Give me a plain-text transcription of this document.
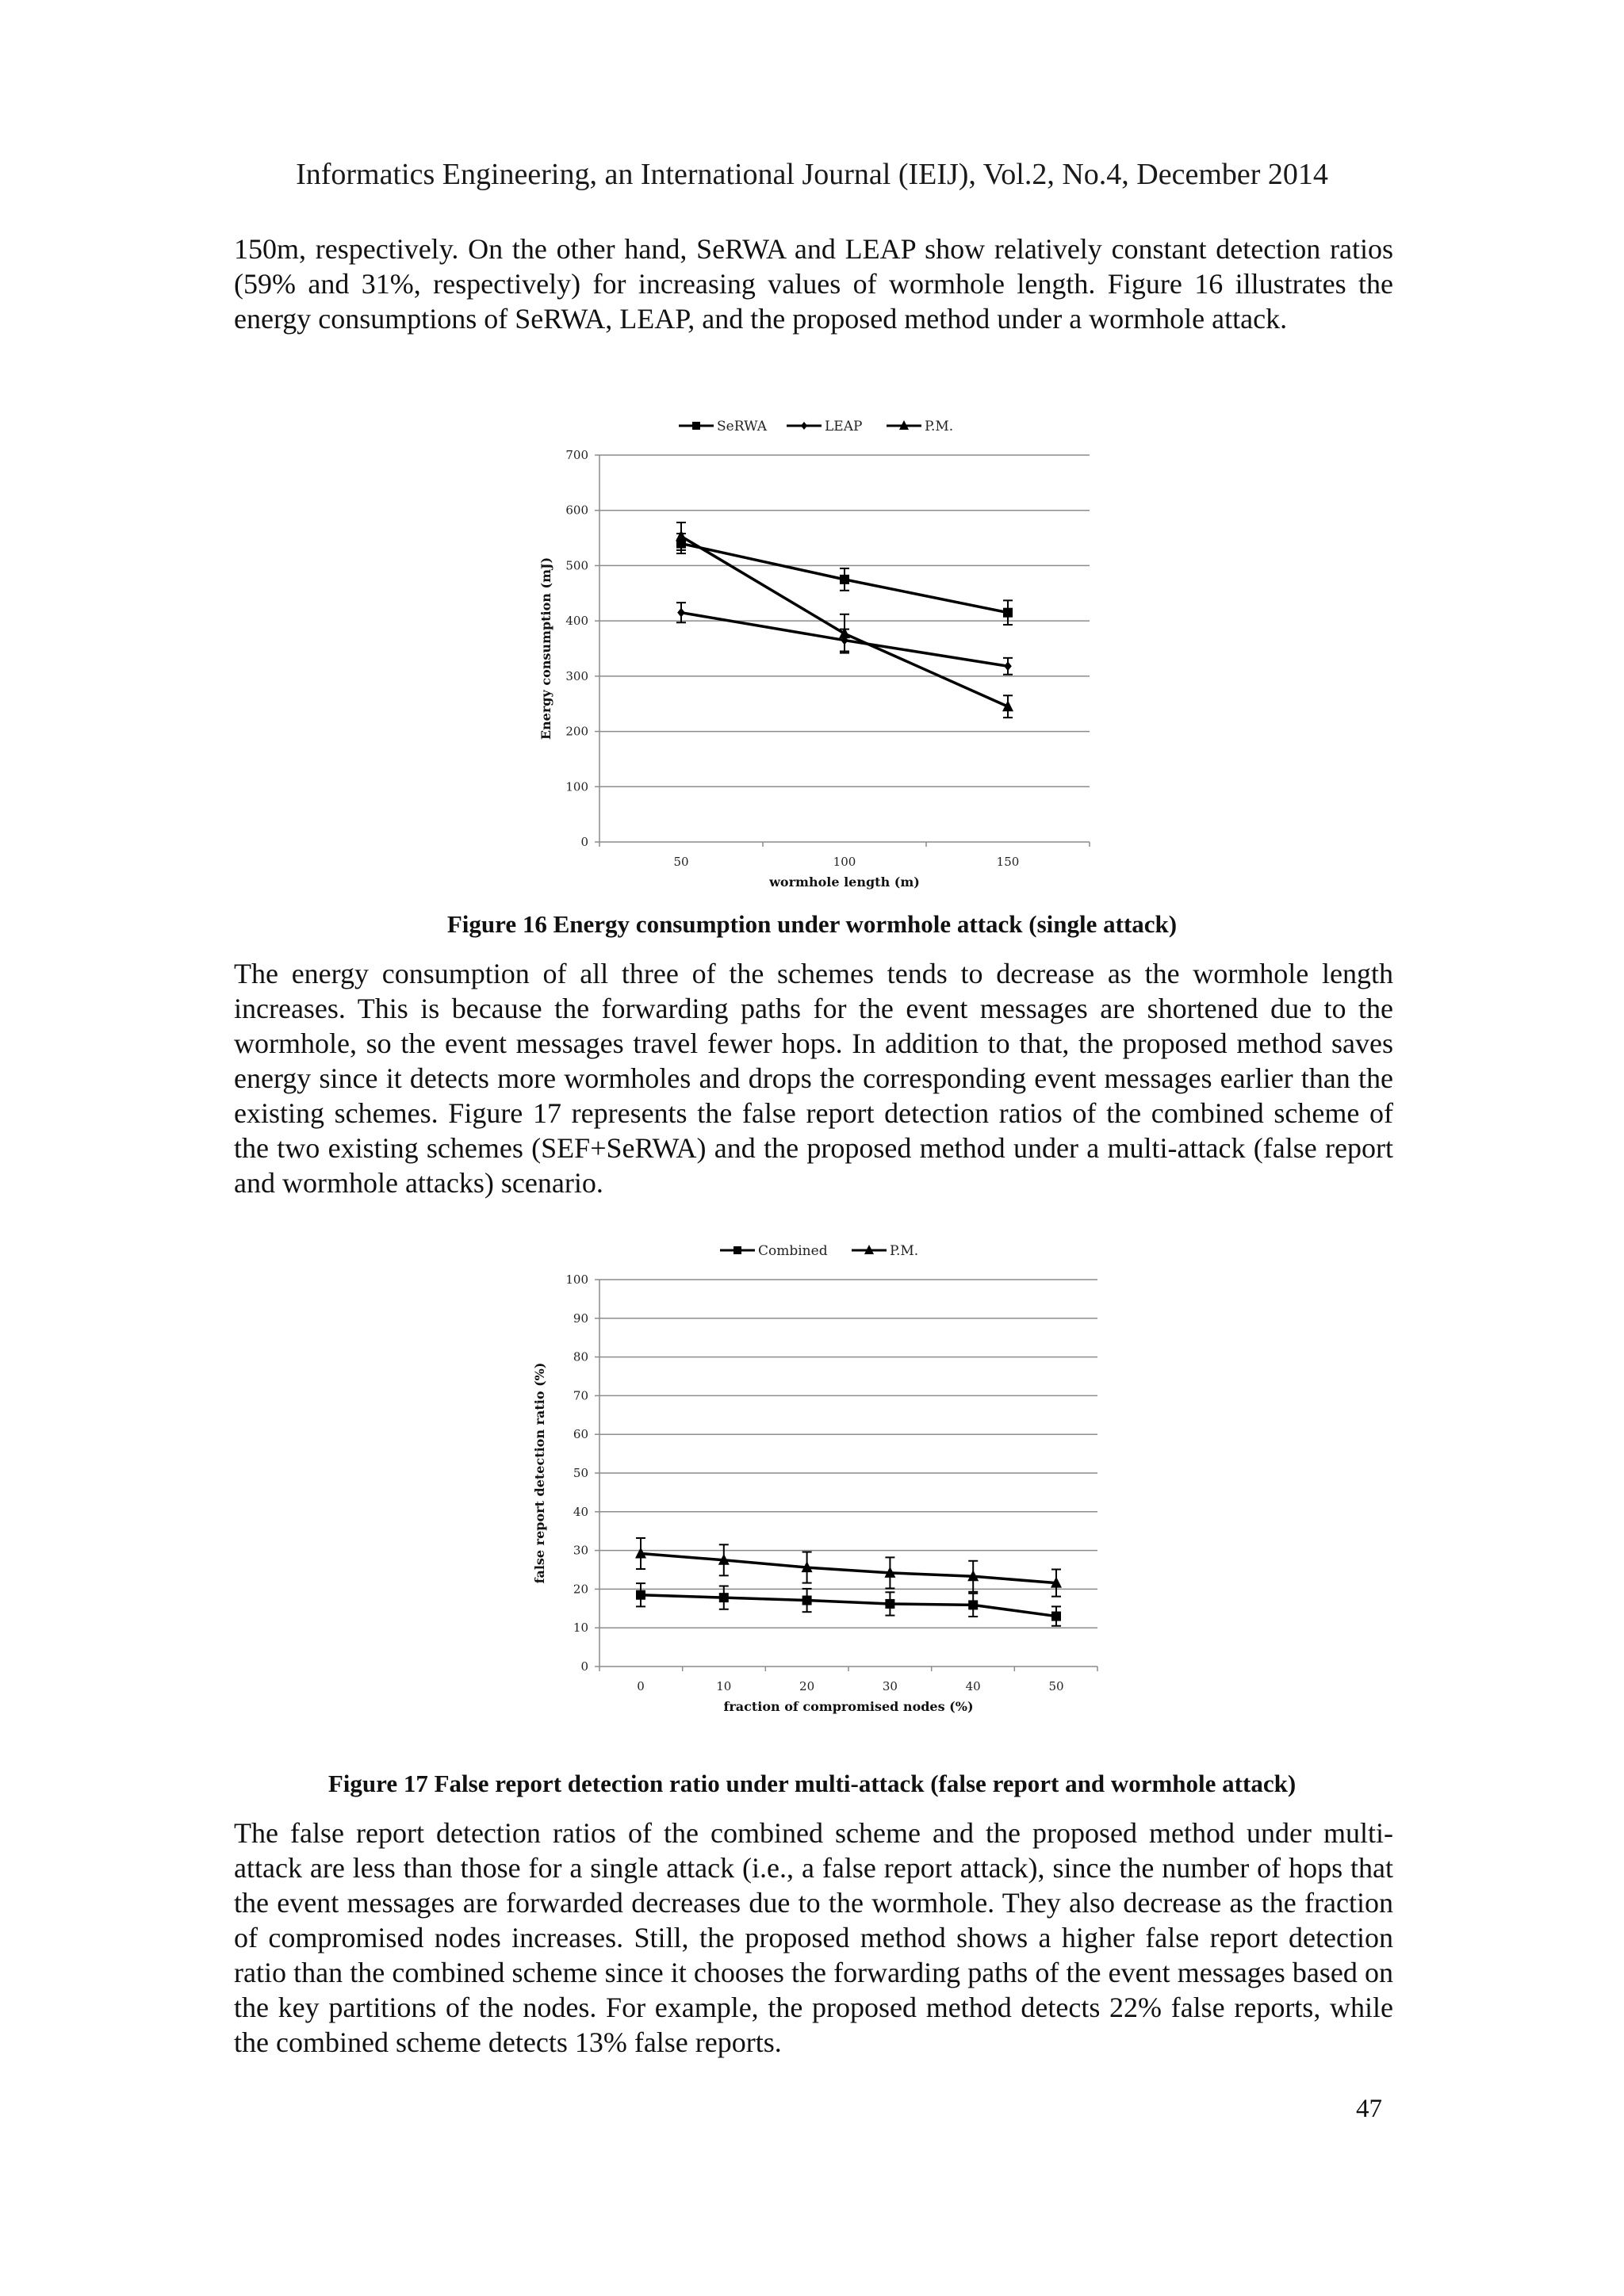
Informatics Engineering, an International Journal (IEIJ), Vol.2, No.4, December 2014

150m, respectively. On the other hand, SeRWA and LEAP show relatively constant detection ratios (59% and 31%, respectively) for increasing values of wormhole length. Figure 16 illustrates the energy consumptions of SeRWA, LEAP, and the proposed method under a wormhole attack.

0
100
200
300
400
500
600
700
50	100	150
wormhole length (m)
Energy consumption (mJ)
SeRWA	LEAP	P.M.
Figure 16 Energy consumption under wormhole attack (single attack)

The energy consumption of all three of the schemes tends to decrease as the wormhole length increases. This is because the forwarding paths for the event messages are shortened due to the wormhole, so the event messages travel fewer hops. In addition to that, the proposed method saves energy since it detects more wormholes and drops the corresponding event messages earlier than the existing schemes. Figure 17 represents the false report detection ratios of the combined scheme of the two existing schemes (SEF+SeRWA) and the proposed method under a multi-attack (false report and wormhole attacks) scenario.

0
10
20
30
40
50
60
70
80
90
100
0	10	20	30	40	50
fraction of compromised nodes (%)
false report detection ratio (%)
Combined	P.M.
Figure 17 False report detection ratio under multi-attack (false report and wormhole attack)

The false report detection ratios of the combined scheme and the proposed method under multi-attack are less than those for a single attack (i.e., a false report attack), since the number of hops that the event messages are forwarded decreases due to the wormhole. They also decrease as the fraction of compromised nodes increases. Still, the proposed method shows a higher false report detection ratio than the combined scheme since it chooses the forwarding paths of the event messages based on the key partitions of the nodes. For example, the proposed method detects 22% false reports, while the combined scheme detects 13% false reports.

47
